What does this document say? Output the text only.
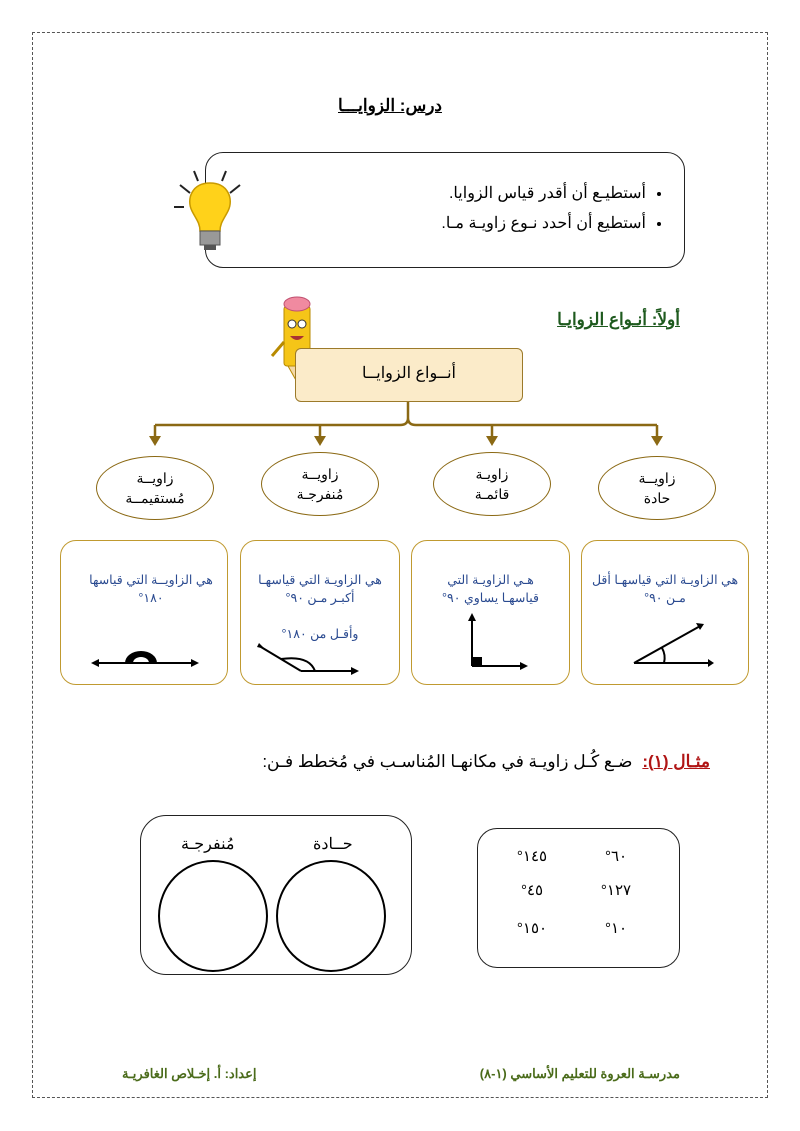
درس: الزوايـــا
• أستطيـع أن أقدر قياس الزوايا.
• أستطيع أن أحدد نـوع زاويـة مـا.
أولاً: أنـواع الزوايـا
أنــواع الزوايــا
زاويــة
حادة
زاويـة
قائمـة
زاويــة
مُنفرجـة
زاويــة
مُستقيمــة
هي الزاويـة التي قياسهـا أقل مـن ٩٠°
هـي الزاويـة التي قياسهـا يساوي ٩٠°
هي الزاويـة التي قياسهـا أكبـر مـن ٩٠°
وأقـل من ١٨٠°
هي الزاويــة التي قياسها ١٨٠°
مثـال (١):ضـع كُـل زاويـة في مكانهـا المُناسـب في مُخطط فـن:
مُنفرجـة	حــادة
٦٠°
١٤٥°
١٢٧°
٤٥°
١٠°
١٥٠°
مدرسـة العروة للتعليم الأساسي (١-٨)
إعداد: أ. إخـلاص الغافريـة
